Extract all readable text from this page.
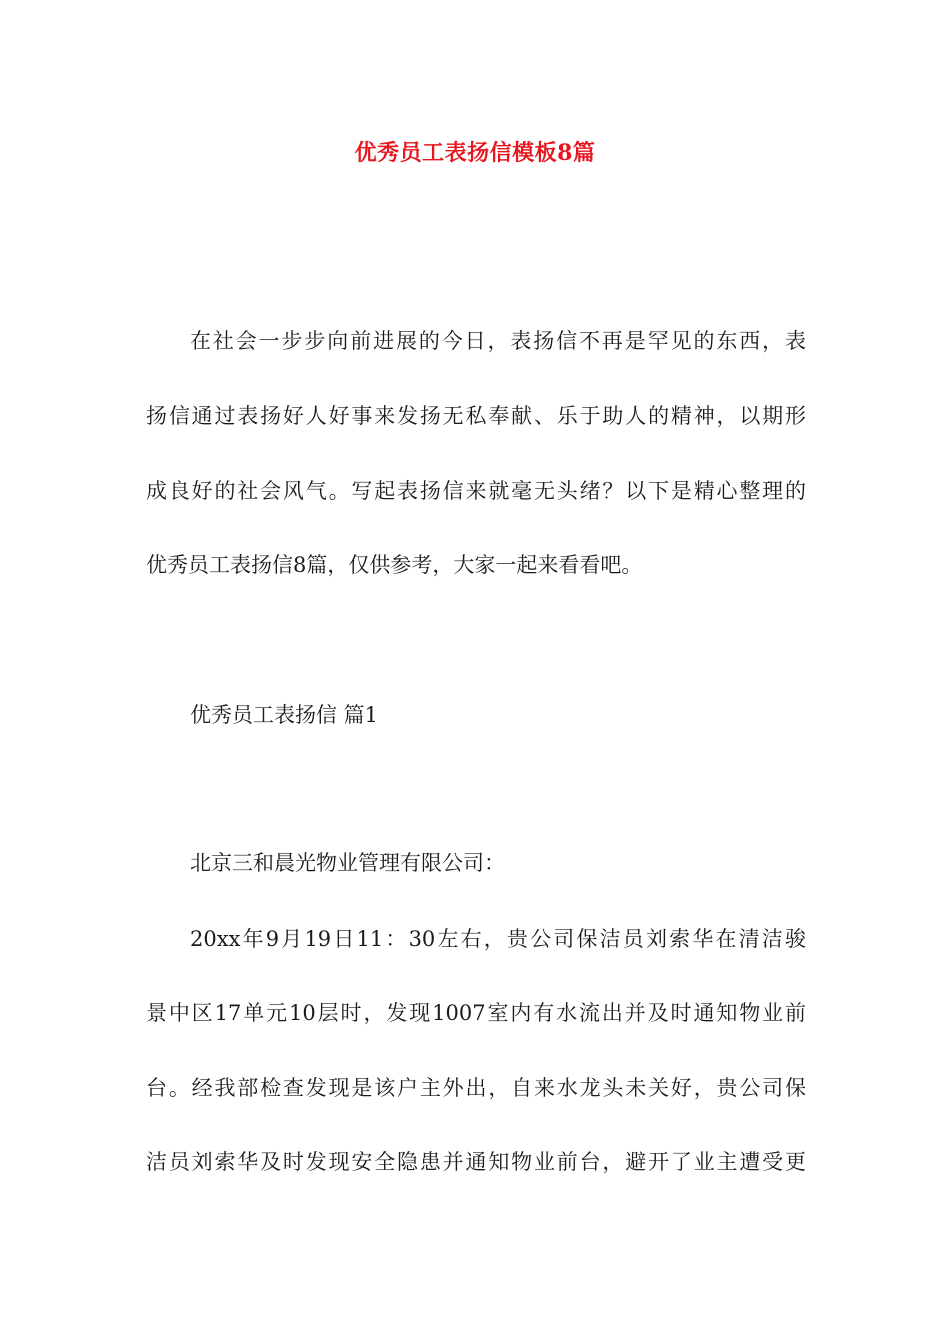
优秀员工表扬信模板8篇
在社会一步步向前进展的今日，表扬信不再是罕见的东西，表
扬信通过表扬好人好事来发扬无私奉献、乐于助人的精神，以期形
成良好的社会风气。写起表扬信来就毫无头绪？以下是精心整理的
优秀员工表扬信8篇，仅供参考，大家一起来看看吧。
优秀员工表扬信 篇1
北京三和晨光物业管理有限公司：
20xx年9月19日11：30左右，贵公司保洁员刘索华在清洁骏
景中区17单元10层时，发现1007室内有水流出并及时通知物业前
台。经我部检查发现是该户主外出，自来水龙头未关好，贵公司保
洁员刘索华及时发现安全隐患并通知物业前台，避开了业主遭受更
